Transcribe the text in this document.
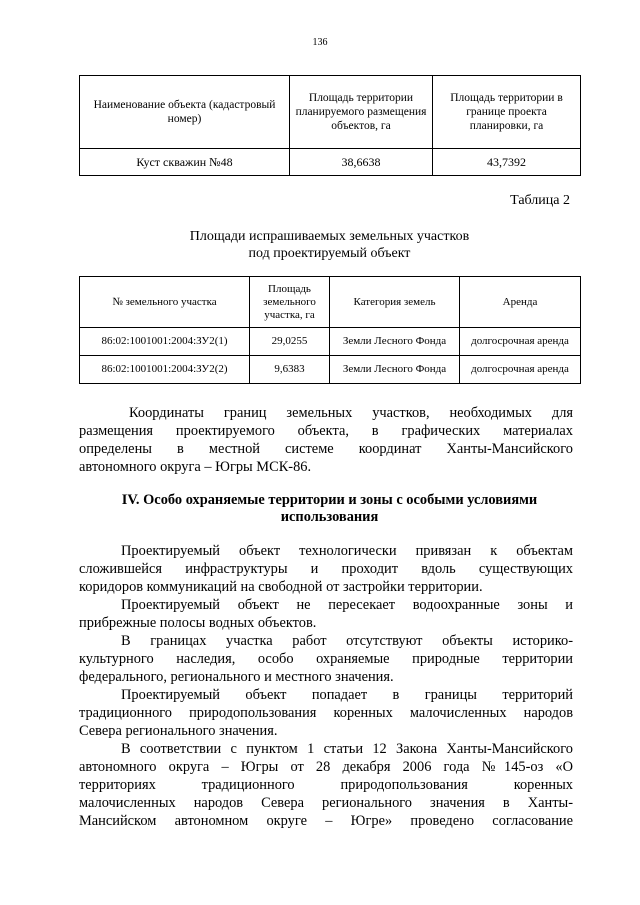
136
Наименование объекта (кадастровый номер)	Площадь территории планируемого размещения объектов, га	Площадь территории в границе проекта планировки, га
Куст скважин №48	38,6638	43,7392
Таблица 2
Площади испрашиваемых земельных участков
под проектируемый объект
№ земельного участка	Площадь земельного участка, га	Категория земель	Аренда
86:02:1001001:2004:ЗУ2(1)	29,0255	Земли Лесного Фонда	долгосрочная аренда
86:02:1001001:2004:ЗУ2(2)	9,6383	Земли Лесного Фонда	долгосрочная аренда
Координаты границ земельных участков, необходимых для
размещения проектируемого объекта, в графических материалах
определены в местной системе координат Ханты-Мансийского
автономного округа – Югры МСК-86.
IV. Особо охраняемые территории и зоны с особыми условиями
использования
Проектируемый объект технологически привязан к объектам
сложившейся инфраструктуры и проходит вдоль существующих
коридоров коммуникаций на свободной от застройки территории.
Проектируемый объект не пересекает водоохранные зоны и
прибрежные полосы водных объектов.
В границах участка работ отсутствуют объекты историко-
культурного наследия, особо охраняемые природные территории
федерального, регионального и местного значения.
Проектируемый объект попадает в границы территорий
традиционного природопользования коренных малочисленных народов
Севера регионального значения.
В соответствии с пунктом 1 статьи 12 Закона Ханты-Мансийского
автономного округа – Югры от 28 декабря 2006 года №145-оз «О
территориях традиционного природопользования коренных
малочисленных народов Севера регионального значения в Ханты-
Мансийском автономном округе – Югре» проведено согласование
